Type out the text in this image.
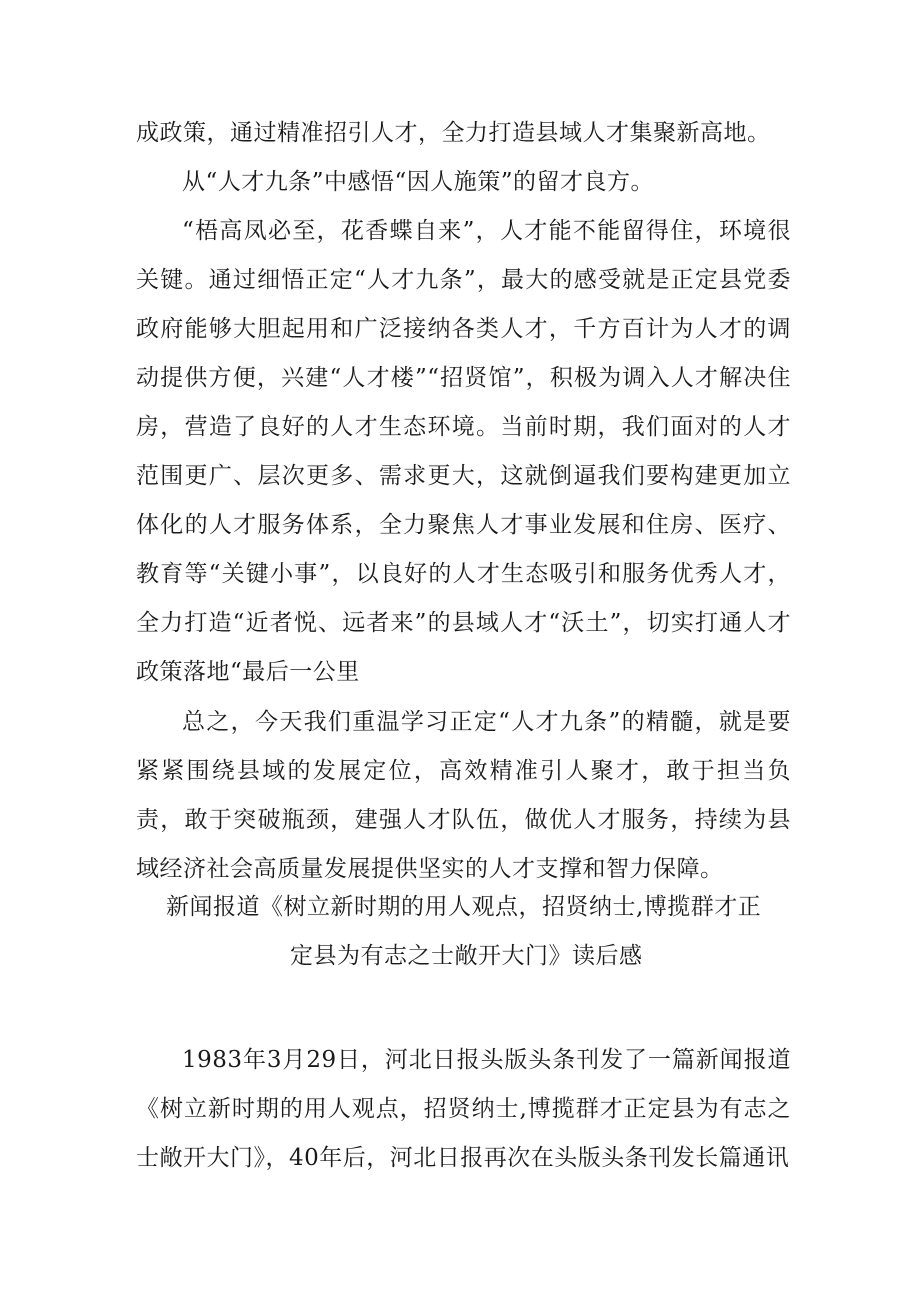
成政策，通过精准招引人才，全力打造县域人才集聚新高地。

从“人才九条”中感悟“因人施策”的留才良方。

“梧高凤必至，花香蝶自来”，人才能不能留得住，环境很关键。通过细悟正定“人才九条”，最大的感受就是正定县党委政府能够大胆起用和广泛接纳各类人才，千方百计为人才的调动提供方便，兴建“人才楼”“招贤馆”，积极为调入人才解决住房，营造了良好的人才生态环境。当前时期，我们面对的人才范围更广、层次更多、需求更大，这就倒逼我们要构建更加立体化的人才服务体系，全力聚焦人才事业发展和住房、医疗、教育等“关键小事”，以良好的人才生态吸引和服务优秀人才，全力打造“近者悦、远者来”的县域人才“沃土”，切实打通人才政策落地“最后一公里

总之，今天我们重温学习正定“人才九条”的精髓，就是要紧紧围绕县域的发展定位，高效精准引人聚才，敢于担当负责，敢于突破瓶颈，建强人才队伍，做优人才服务，持续为县域经济社会高质量发展提供坚实的人才支撑和智力保障。

新闻报道《树立新时期的用人观点，招贤纳士,博揽群才正
定县为有志之士敞开大门》读后感

1983年3月29日，河北日报头版头条刊发了一篇新闻报道《树立新时期的用人观点，招贤纳士,博揽群才正定县为有志之士敞开大门》，40年后，河北日报再次在头版头条刊发长篇通讯
